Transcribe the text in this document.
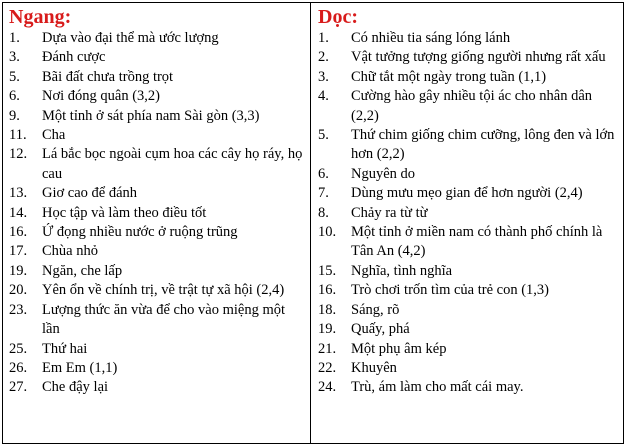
Ngang:
1.	Dựa vào đại thể mà ước lượng
3.	Đánh cược
5.	Bãi đất chưa trồng trọt
6.	Nơi đóng quân (3,2)
9.	Một tỉnh ở sát phía nam Sài gòn (3,3)
11.	Cha
12.	Lá bắc bọc ngoài cụm hoa các cây họ ráy, họ cau
13.	Giơ cao để đánh
14.	Học tập và làm theo điều tốt
16.	Ứ đọng nhiều nước ở ruộng trũng
17.	Chùa nhỏ
19.	Ngăn, che lấp
20.	Yên ổn về chính trị, về trật tự xã hội (2,4)
23.	Lượng thức ăn vừa để cho vào miệng một lần
25.	Thứ hai
26.	Em Em (1,1)
27.	Che đậy lại
Dọc:
1.	Có nhiều tia sáng lóng lánh
2.	Vật tưởng tượng giống người nhưng rất xấu
3.	Chữ tắt một ngày trong tuần (1,1)
4.	Cường hào gây nhiều tội ác cho nhân dân (2,2)
5.	Thứ chim giống chim cưỡng, lông đen và lớn hơn (2,2)
6.	Nguyên do
7.	Dùng mưu mẹo gian để hơn người (2,4)
8.	Chảy ra từ từ
10.	Một tỉnh ở miền nam có thành phố chính là Tân An (4,2)
15.	Nghĩa, tình nghĩa
16.	Trò chơi trốn tìm của trẻ con (1,3)
18.	Sáng, rõ
19.	Quấy, phá
21.	Một phụ âm kép
22.	Khuyên
24.	Trù, ám làm cho mất cái may.
